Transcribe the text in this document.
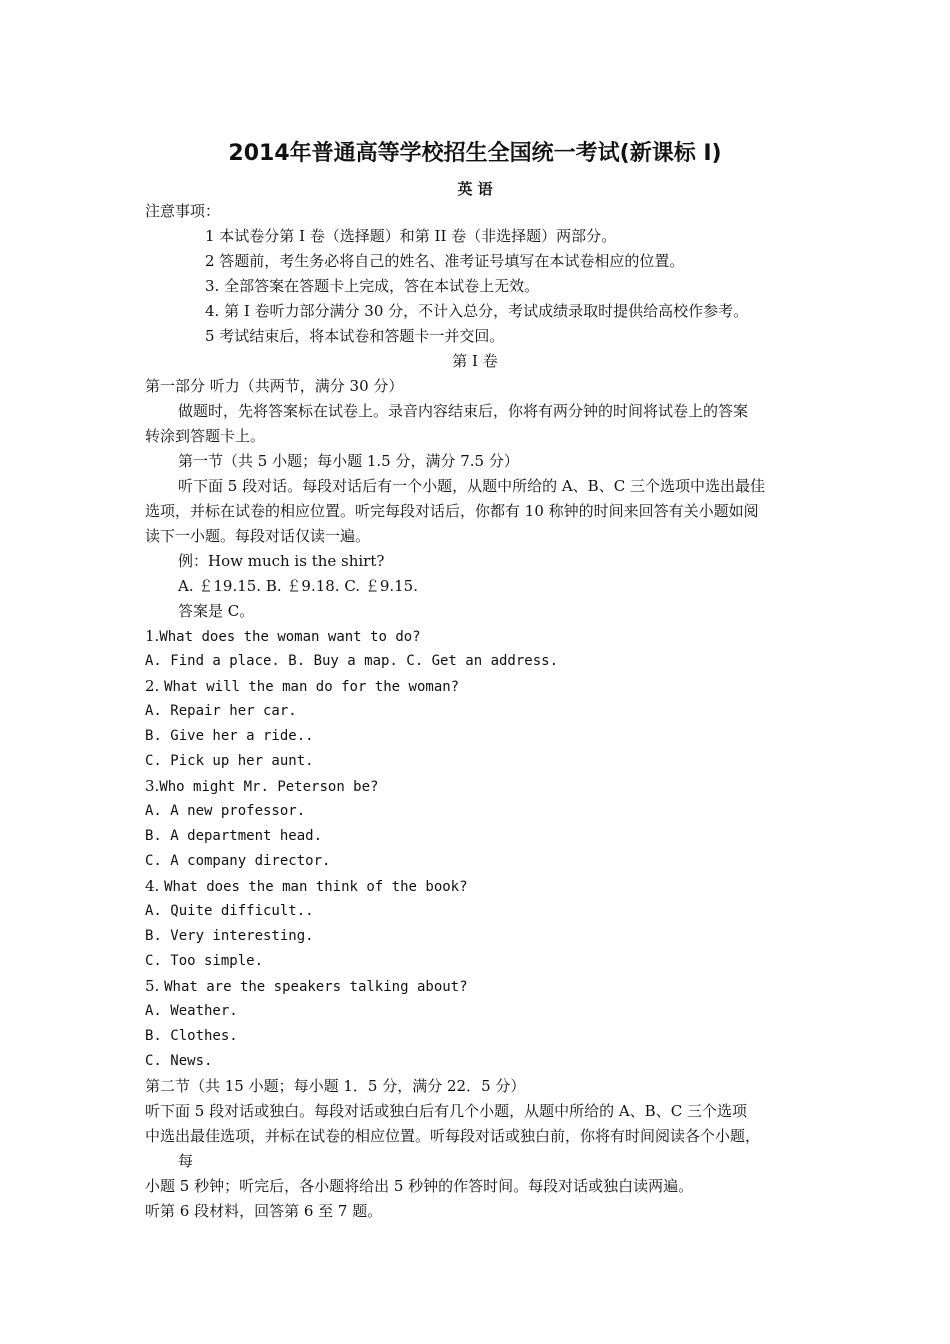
2014年普通高等学校招生全国统一考试(新课标 I)
英 语
注意事项：
1 本试卷分第 I 卷（选择题）和第 II 卷（非选择题）两部分。
2 答题前，考生务必将自己的姓名、准考证号填写在本试卷相应的位置。
3. 全部答案在答题卡上完成，答在本试卷上无效。
4. 第 I 卷听力部分满分 30 分，不计入总分，考试成绩录取时提供给高校作参考。
5 考试结束后，将本试卷和答题卡一并交回。
第 I 卷
第一部分 听力（共两节，满分 30 分）
做题时，先将答案标在试卷上。录音内容结束后，你将有两分钟的时间将试卷上的答案
转涂到答题卡上。
第一节（共 5 小题；每小题 1.5 分，满分 7.5 分）
听下面 5 段对话。每段对话后有一个小题，从题中所给的 A、B、C 三个选项中选出最佳
选项，并标在试卷的相应位置。听完每段对话后，你都有 10 称钟的时间来回答有关小题如阅
读下一小题。每段对话仅读一遍。
例：How much is the shirt?
A. ￡19.15. B. ￡9.18. C. ￡9.15.
答案是 C。
1.What does the woman want to do?
A. Find a place. B. Buy a map. C. Get an address.
2. What will the man do for the woman?
A. Repair her car.
B. Give her a ride..
C. Pick up her aunt.
3.Who might Mr. Peterson be?
A. A new professor.
B. A department head.
C. A company director.
4. What does the man think of the book?
A. Quite difficult..
B. Very interesting.
C. Too simple.
5. What are the speakers talking about?
A. Weather.
B. Clothes.
C. News.
第二节（共 15 小题；每小题 1．5 分，满分 22．5 分）
听下面 5 段对话或独白。每段对话或独白后有几个小题，从题中所给的 A、B、C 三个选项
中选出最佳选项，并标在试卷的相应位置。听每段对话或独白前，你将有时间阅读各个小题，
每
小题 5 秒钟；听完后，各小题将给出 5 秒钟的作答时间。每段对话或独白读两遍。
听第 6 段材料，回答第 6 至 7 题。
